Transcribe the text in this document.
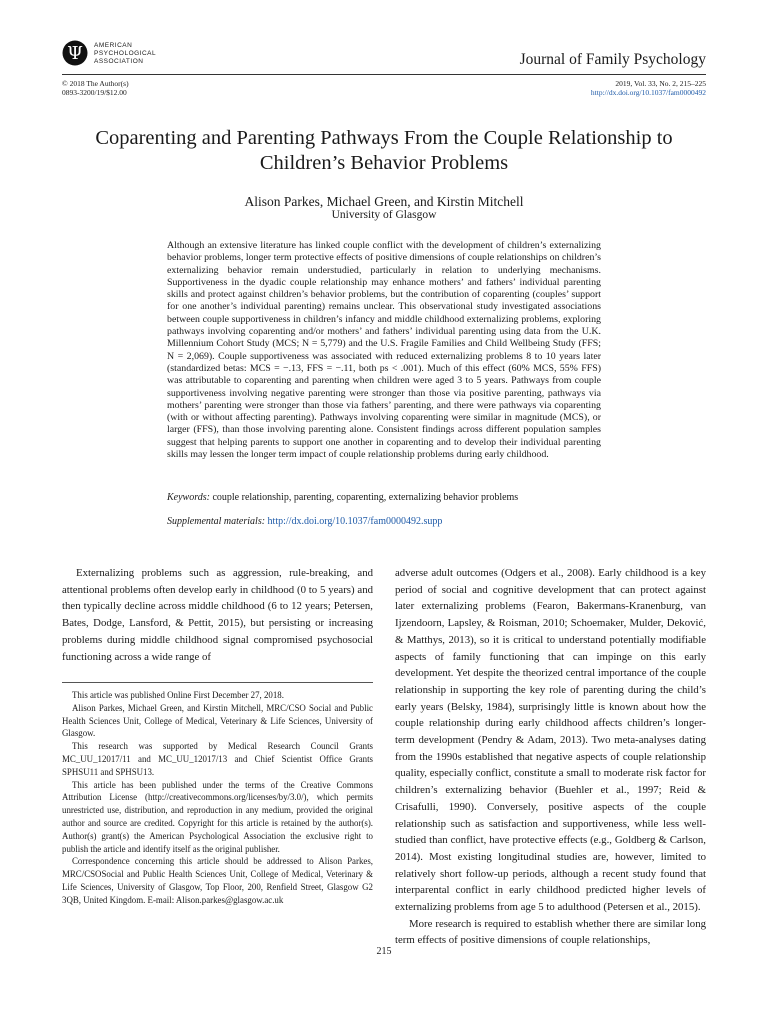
Ψ AMERICAN
PSYCHOLOGICAL
ASSOCIATION	Journal of Family Psychology
© 2018 The Author(s)
0893-3200/19/$12.00
2019, Vol. 33, No. 2, 215–225
http://dx.doi.org/10.1037/fam0000492
Coparenting and Parenting Pathways From the Couple Relationship to
Children’s Behavior Problems
Alison Parkes, Michael Green, and Kirstin Mitchell
University of Glasgow
Although an extensive literature has linked couple conflict with the development of children’s externalizing behavior problems, longer term protective effects of positive dimensions of couple relationships on children’s externalizing behavior remain understudied, particularly in relation to underlying mechanisms. Supportiveness in the dyadic couple relationship may enhance mothers’ and fathers’ individual parenting skills and protect against children’s behavior problems, but the contribution of coparenting (couples’ support for one another’s individual parenting) remains unclear. This observational study investigated associations between couple supportiveness in children’s infancy and middle childhood externalizing problems, exploring pathways involving coparenting and/or mothers’ and fathers’ individual parenting using data from the U.K. Millennium Cohort Study (MCS; N = 5,779) and the U.S. Fragile Families and Child Wellbeing Study (FFS; N = 2,069). Couple supportiveness was associated with reduced externalizing problems 8 to 10 years later (standardized betas: MCS = −.13, FFS = −.11, both ps < .001). Much of this effect (60% MCS, 55% FFS) was attributable to coparenting and parenting when children were aged 3 to 5 years. Pathways from couple supportiveness involving negative parenting were stronger than those via positive parenting, pathways via mothers’ parenting were stronger than those via fathers’ parenting, and there were pathways via coparenting (with or without affecting parenting). Pathways involving coparenting were similar in magnitude (MCS), or larger (FFS), than those involving parenting alone. Consistent findings across different population samples suggest that helping parents to support one another in coparenting and to develop their individual parenting skills may lessen the longer term impact of couple relationship problems during early childhood.
Keywords: couple relationship, parenting, coparenting, externalizing behavior problems
Supplemental materials: http://dx.doi.org/10.1037/fam0000492.supp

Externalizing problems such as aggression, rule-breaking, and attentional problems often develop early in childhood (0 to 5 years) and then typically decline across middle childhood (6 to 12 years; Petersen, Bates, Dodge, Lansford, & Pettit, 2015), but persisting or increasing problems during middle childhood signal compromised psychosocial functioning across a wide range of

This article was published Online First December 27, 2018.

Alison Parkes, Michael Green, and Kirstin Mitchell, MRC/CSO Social and Public Health Sciences Unit, College of Medical, Veterinary & Life Sciences, University of Glasgow.

This research was supported by Medical Research Council Grants MC_UU_12017/11 and MC_UU_12017/13 and Chief Scientist Office Grants SPHSU11 and SPHSU13.

This article has been published under the terms of the Creative Commons Attribution License (http://creativecommons.org/licenses/by/3.0/), which permits unrestricted use, distribution, and reproduction in any medium, provided the original author and source are credited. Copyright for this article is retained by the author(s). Author(s) grant(s) the American Psychological Association the exclusive right to publish the article and identify itself as the original publisher.

Correspondence concerning this article should be addressed to Alison Parkes, MRC/CSOSocial and Public Health Sciences Unit, College of Medical, Veterinary & Life Sciences, University of Glasgow, Top Floor, 200, Renfield Street, Glasgow G2 3QB, United Kingdom. E-mail: Alison.parkes@glasgow.ac.uk

adverse adult outcomes (Odgers et al., 2008). Early childhood is a key period of social and cognitive development that can protect against later externalizing problems (Fearon, Bakermans-Kranenburg, van Ijzendoorn, Lapsley, & Roisman, 2010; Schoemaker, Mulder, Deković, & Matthys, 2013), so it is critical to understand potentially modifiable aspects of family functioning that can impinge on this early development. Yet despite the theorized central importance of the couple relationship in supporting the key role of parenting during the child’s early years (Belsky, 1984), surprisingly little is known about how the couple relationship during early childhood affects children’s longer-term development (Pendry & Adam, 2013). Two meta-analyses dating from the 1990s established that negative aspects of couple relationship quality, especially conflict, constitute a small to moderate risk factor for children’s externalizing behavior (Buehler et al., 1997; Reid & Crisafulli, 1990). Conversely, positive aspects of the couple relationship such as satisfaction and supportiveness, while less well-studied than conflict, have protective effects (e.g., Goldberg & Carlson, 2014). Most existing longitudinal studies are, however, limited to relatively short follow-up periods, although a recent study found that interparental conflict in early childhood predicted higher levels of externalizing problems from age 5 to adulthood (Petersen et al., 2015).

More research is required to establish whether there are similar long term effects of positive dimensions of couple relationships,

215
